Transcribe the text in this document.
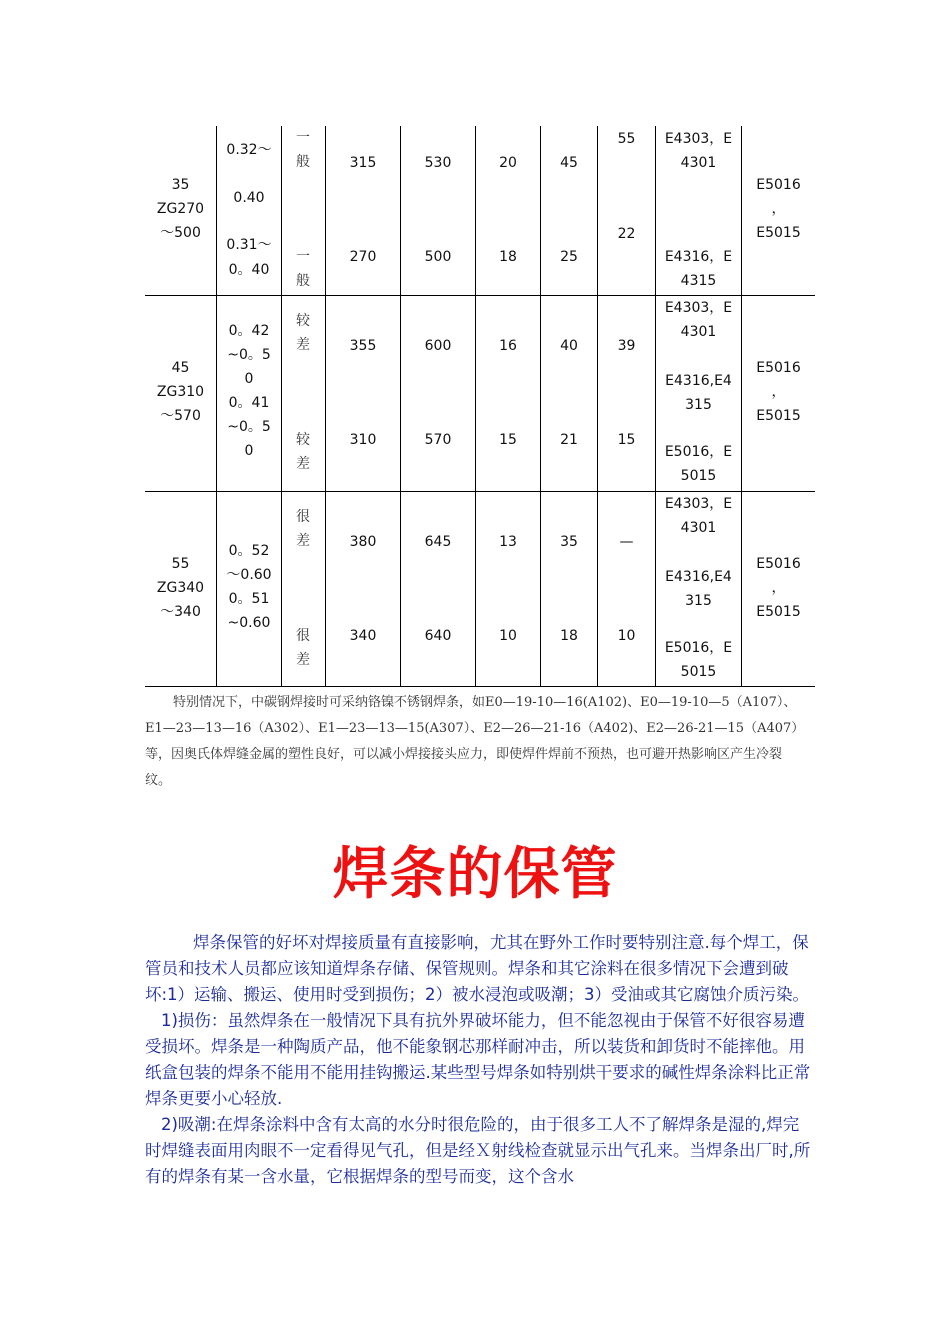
35
ZG270
～500
0.32～
0.40
0.31～
0。40
一
般
一
般
315
270
530
500
20
18
45
25
55
22
E4303，E
4301
E4316，E
4315
E5016
，
E5015
45
ZG310
～570
0。42
~0。5
0
0。41
~0。5
0
较
差
较
差
355
310
600
570
16
15
40
21
39
15
E4303，E
4301
E4316,E4
315
E5016，E
5015
E5016
，
E5015
55
ZG340
～340
0。52
～0.60
0。51
~0.60
很
差
很
差
380
340
645
640
13
10
35
18
—
10
E4303，E
4301
E4316,E4
315
E5016，E
5015
E5016
，
E5015

特别情况下，中碳钢焊接时可采纳铬镍不锈钢焊条，如E0—19-10—16(A102)、E0—19-10—5（A107）、E1—23—13—16（A302）、E1—23—13—15(A307）、E2—26—21-16（A402)、E2—26-21—15（A407）等，因奥氏体焊缝金属的塑性良好，可以减小焊接接头应力，即使焊件焊前不预热，也可避开热影响区产生冷裂纹。

焊条的保管

焊条保管的好坏对焊接质量有直接影响，尤其在野外工作时要特别注意.每个焊工，保管员和技术人员都应该知道焊条存储、保管规则。焊条和其它涂料在很多情况下会遭到破坏:1）运输、搬运、使用时受到损伤；2）被水浸泡或吸潮；3）受油或其它腐蚀介质污染。

1)损伤：虽然焊条在一般情况下具有抗外界破坏能力，但不能忽视由于保管不好很容易遭受损坏。焊条是一种陶质产品，他不能象钢芯那样耐冲击，所以装货和卸货时不能摔他。用纸盒包装的焊条不能用不能用挂钩搬运.某些型号焊条如特别烘干要求的碱性焊条涂料比正常焊条更要小心轻放.

2)吸潮:在焊条涂料中含有太高的水分时很危险的，由于很多工人不了解焊条是湿的,焊完时焊缝表面用肉眼不一定看得见气孔，但是经Ｘ射线检查就显示出气孔来。当焊条出厂时,所有的焊条有某一含水量，它根据焊条的型号而变，这个含水
